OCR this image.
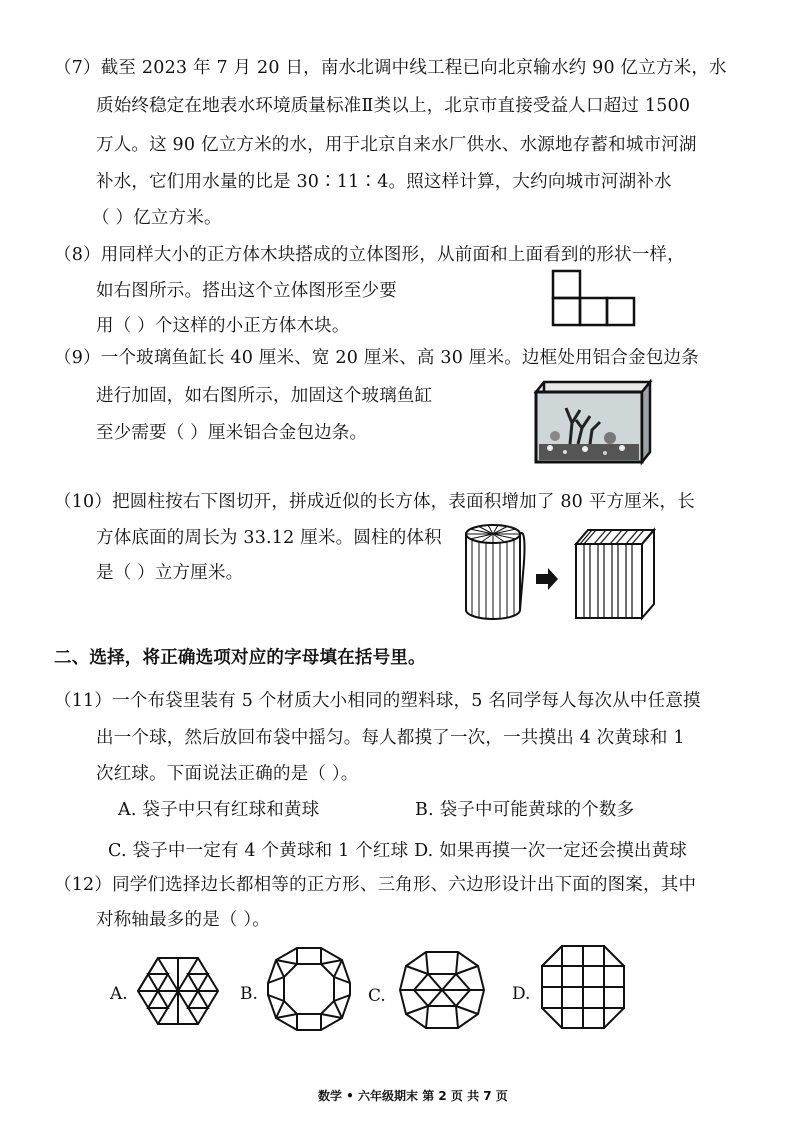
（7）截至 2023 年 7 月 20 日，南水北调中线工程已向北京输水约 90 亿立方米，水
质始终稳定在地表水环境质量标准Ⅱ类以上，北京市直接受益人口超过 1500
万人。这 90 亿立方米的水，用于北京自来水厂供水、水源地存蓄和城市河湖
补水，它们用水量的比是 30∶11∶4。照这样计算，大约向城市河湖补水
（ ）亿立方米。
（8）用同样大小的正方体木块搭成的立体图形，从前面和上面看到的形状一样，
如右图所示。搭出这个立体图形至少要
用（ ）个这样的小正方体木块。
（9）一个玻璃鱼缸长 40 厘米、宽 20 厘米、高 30 厘米。边框处用铝合金包边条
进行加固，如右图所示，加固这个玻璃鱼缸
至少需要（ ）厘米铝合金包边条。
（10）把圆柱按右下图切开，拼成近似的长方体，表面积增加了 80 平方厘米，长
方体底面的周长为 33.12 厘米。圆柱的体积
是（ ）立方厘米。
二、选择，将正确选项对应的字母填在括号里。
（11）一个布袋里装有 5 个材质大小相同的塑料球，5 名同学每人每次从中任意摸
出一个球，然后放回布袋中摇匀。每人都摸了一次，一共摸出 4 次黄球和 1
次红球。下面说法正确的是（ ）。
A. 袋子中只有红球和黄球	B. 袋子中可能黄球的个数多
C. 袋子中一定有 4 个黄球和 1 个红球 D. 如果再摸一次一定还会摸出黄球
（12）同学们选择边长都相等的正方形、三角形、六边形设计出下面的图案，其中
对称轴最多的是（ ）。
A.	B.	C.	D.
数学 • 六年级期末 第 2 页 共 7 页
